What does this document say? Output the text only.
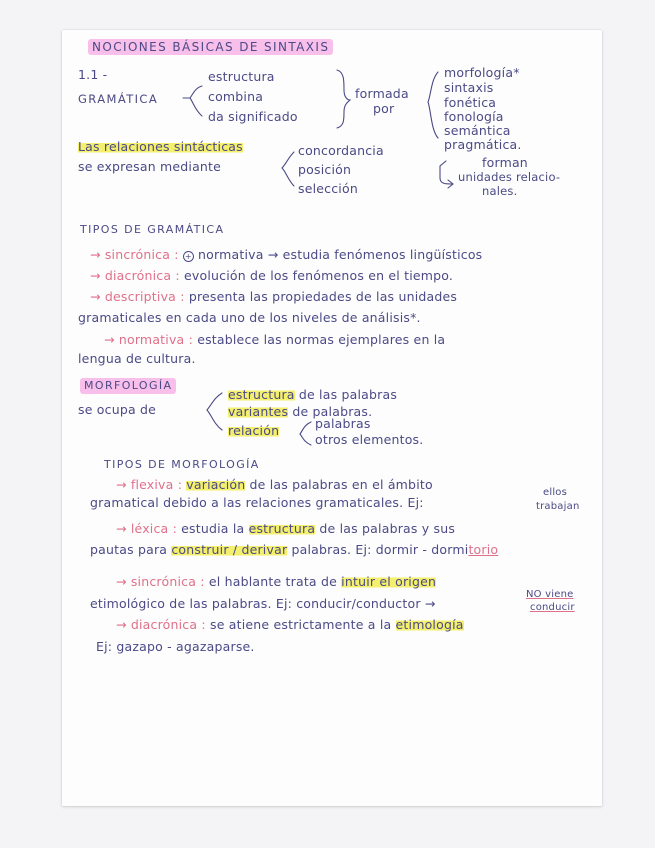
NOCIONES BÁSICAS DE SINTAXIS
1.1 -
GRAMÁTICA
estructura
combina
da significado
formada
por
morfología*
sintaxis
fonética
fonología
semántica
pragmática.
forman
unidades relacio-
nales.
Las relaciones sintácticas
se expresan mediante
concordancia
posición
selección
TIPOS DE GRAMÁTICA
→ sincrónica : + normativa → estudia fenómenos lingüísticos
→ diacrónica : evolución de los fenómenos en el tiempo.
→ descriptiva : presenta las propiedades de las unidades
gramaticales en cada uno de los niveles de análisis*.
→ normativa : establece las normas ejemplares en la
lengua de cultura.
MORFOLOGÍA
se ocupa de
estructura de las palabras
variantes de palabras.
relación	palabras
otros elementos.
TIPOS DE MORFOLOGÍA
→ flexiva : variación de las palabras en el ámbito
gramatical debido a las relaciones gramaticales. Ej:
ellos
trabajan
→ léxica : estudia la estructura de las palabras y sus
pautas para construir / derivar palabras. Ej: dormir - dormitorio
→ sincrónica : el hablante trata de intuir el origen
etimológico de las palabras. Ej: conducir/conductor →
NO viene
conducir
→ diacrónica : se atiene estrictamente a la etimología
Ej: gazapo - agazaparse.
